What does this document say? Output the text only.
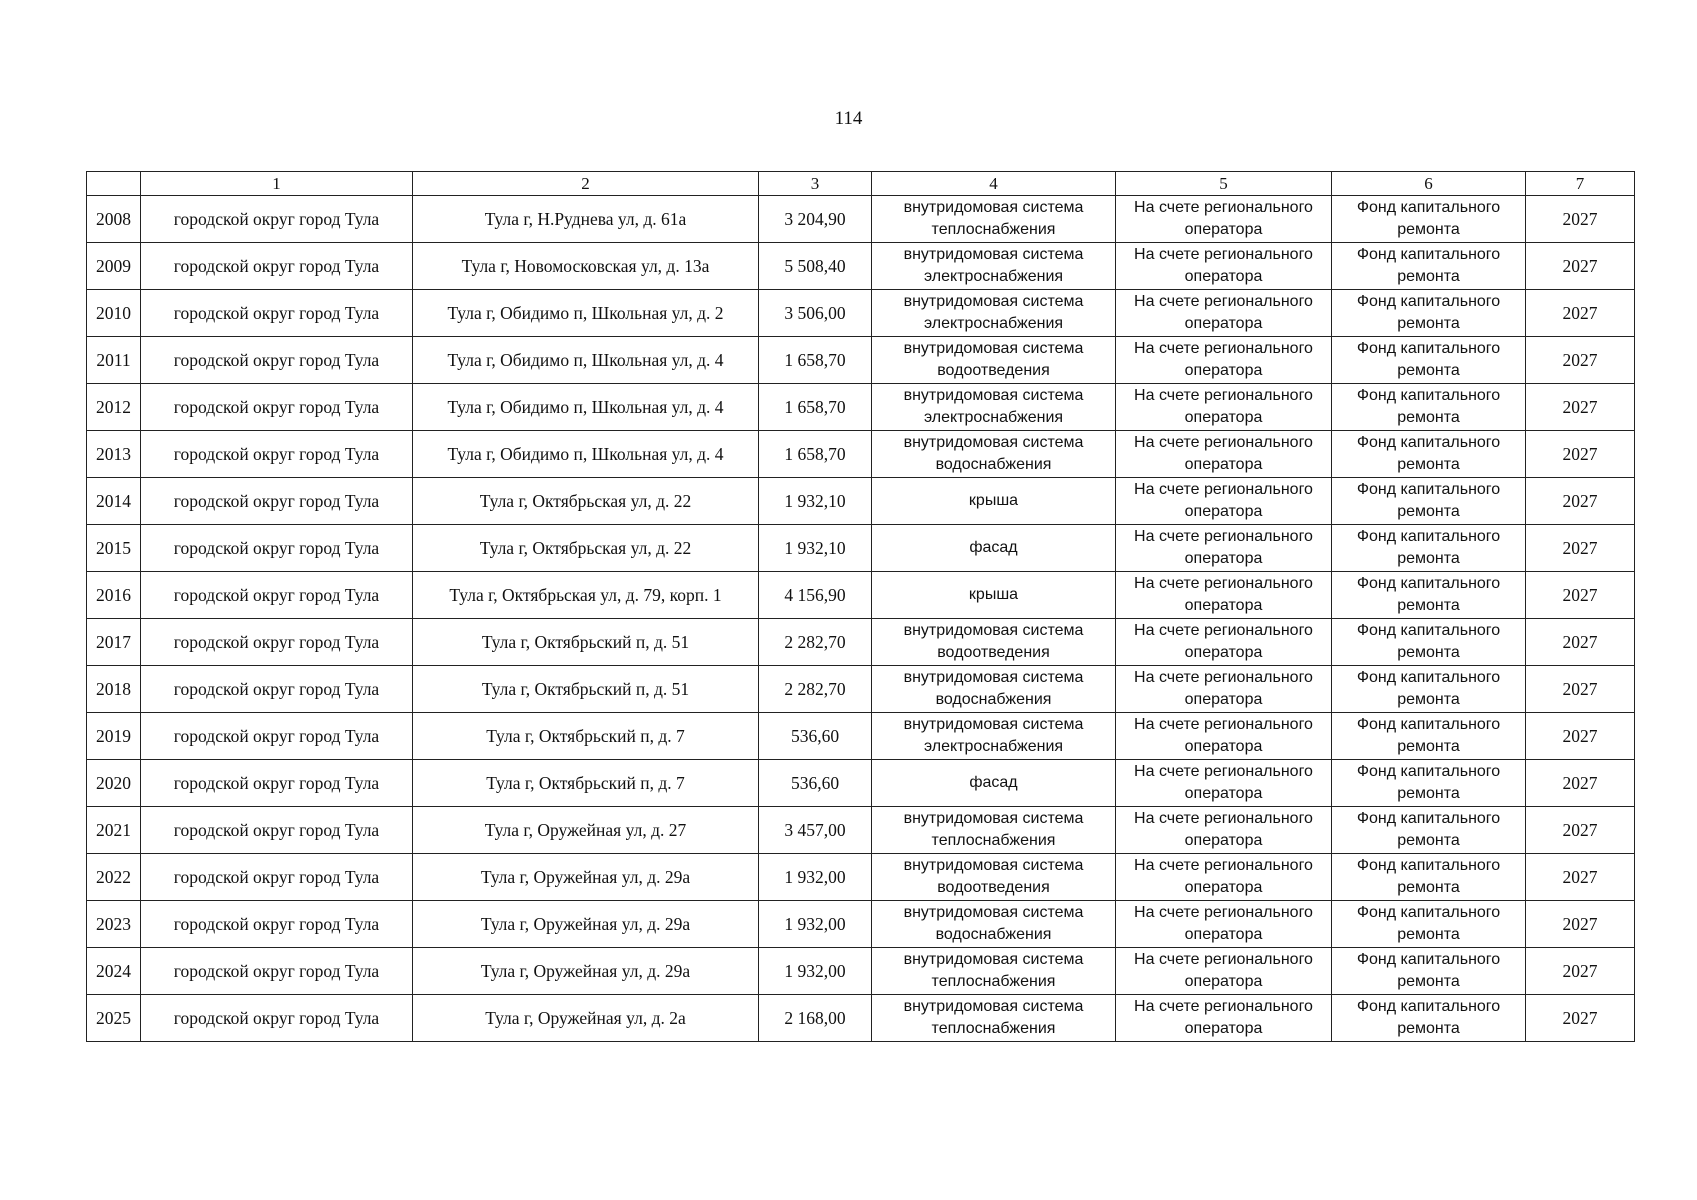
114
	1	2	3	4	5	6	7
2008	городской округ город Тула	Тула г, Н.Руднева ул, д. 61а	3 204,90	внутридомовая система теплоснабжения	На счете регионального оператора	Фонд капитального ремонта	2027
2009	городской округ город Тула	Тула г, Новомосковская ул, д. 13а	5 508,40	внутридомовая система электроснабжения	На счете регионального оператора	Фонд капитального ремонта	2027
2010	городской округ город Тула	Тула г, Обидимо п, Школьная ул, д. 2	3 506,00	внутридомовая система электроснабжения	На счете регионального оператора	Фонд капитального ремонта	2027
2011	городской округ город Тула	Тула г, Обидимо п, Школьная ул, д. 4	1 658,70	внутридомовая система водоотведения	На счете регионального оператора	Фонд капитального ремонта	2027
2012	городской округ город Тула	Тула г, Обидимо п, Школьная ул, д. 4	1 658,70	внутридомовая система электроснабжения	На счете регионального оператора	Фонд капитального ремонта	2027
2013	городской округ город Тула	Тула г, Обидимо п, Школьная ул, д. 4	1 658,70	внутридомовая система водоснабжения	На счете регионального оператора	Фонд капитального ремонта	2027
2014	городской округ город Тула	Тула г, Октябрьская ул, д. 22	1 932,10	крыша	На счете регионального оператора	Фонд капитального ремонта	2027
2015	городской округ город Тула	Тула г, Октябрьская ул, д. 22	1 932,10	фасад	На счете регионального оператора	Фонд капитального ремонта	2027
2016	городской округ город Тула	Тула г, Октябрьская ул, д. 79, корп. 1	4 156,90	крыша	На счете регионального оператора	Фонд капитального ремонта	2027
2017	городской округ город Тула	Тула г, Октябрьский п, д. 51	2 282,70	внутридомовая система водоотведения	На счете регионального оператора	Фонд капитального ремонта	2027
2018	городской округ город Тула	Тула г, Октябрьский п, д. 51	2 282,70	внутридомовая система водоснабжения	На счете регионального оператора	Фонд капитального ремонта	2027
2019	городской округ город Тула	Тула г, Октябрьский п, д. 7	536,60	внутридомовая система электроснабжения	На счете регионального оператора	Фонд капитального ремонта	2027
2020	городской округ город Тула	Тула г, Октябрьский п, д. 7	536,60	фасад	На счете регионального оператора	Фонд капитального ремонта	2027
2021	городской округ город Тула	Тула г, Оружейная ул, д. 27	3 457,00	внутридомовая система теплоснабжения	На счете регионального оператора	Фонд капитального ремонта	2027
2022	городской округ город Тула	Тула г, Оружейная ул, д. 29а	1 932,00	внутридомовая система водоотведения	На счете регионального оператора	Фонд капитального ремонта	2027
2023	городской округ город Тула	Тула г, Оружейная ул, д. 29а	1 932,00	внутридомовая система водоснабжения	На счете регионального оператора	Фонд капитального ремонта	2027
2024	городской округ город Тула	Тула г, Оружейная ул, д. 29а	1 932,00	внутридомовая система теплоснабжения	На счете регионального оператора	Фонд капитального ремонта	2027
2025	городской округ город Тула	Тула г, Оружейная ул, д. 2а	2 168,00	внутридомовая система теплоснабжения	На счете регионального оператора	Фонд капитального ремонта	2027
